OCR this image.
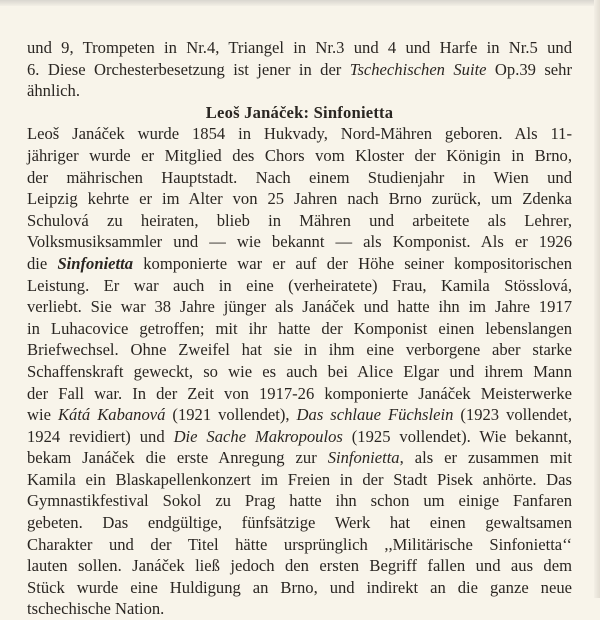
und 9, Trompeten in Nr.4, Triangel in Nr.3 und 4 und Harfe in Nr.5 und
6. Diese Orchesterbesetzung ist jener in der Tschechischen Suite Op.39 sehr
ähnlich.
Leoš Janáček: Sinfonietta
Leoš Janáček wurde 1854 in Hukvady, Nord-Mähren geboren. Als 11-
jähriger wurde er Mitglied des Chors vom Kloster der Königin in Brno,
der mährischen Hauptstadt. Nach einem Studienjahr in Wien und
Leipzig kehrte er im Alter von 25 Jahren nach Brno zurück, um Zdenka
Schulová zu heiraten, blieb in Mähren und arbeitete als Lehrer,
Volksmusiksammler und — wie bekannt — als Komponist. Als er 1926
die Sinfonietta komponierte war er auf der Höhe seiner kompositorischen
Leistung. Er war auch in eine (verheiratete) Frau, Kamila Stösslová,
verliebt. Sie war 38 Jahre jünger als Janáček und hatte ihn im Jahre 1917
in Luhacovice getroffen; mit ihr hatte der Komponist einen lebenslangen
Briefwechsel. Ohne Zweifel hat sie in ihm eine verborgene aber starke
Schaffenskraft geweckt, so wie es auch bei Alice Elgar und ihrem Mann
der Fall war. In der Zeit von 1917-26 komponierte Janáček Meisterwerke
wie Kátá Kabanová (1921 vollendet), Das schlaue Füchslein (1923 vollendet,
1924 revidiert) und Die Sache Makropoulos (1925 vollendet). Wie bekannt,
bekam Janáček die erste Anregung zur Sinfonietta, als er zusammen mit
Kamila ein Blaskapellenkonzert im Freien in der Stadt Pisek anhörte. Das
Gymnastikfestival Sokol zu Prag hatte ihn schon um einige Fanfaren
gebeten. Das endgültige, fünfsätzige Werk hat einen gewaltsamen
Charakter und der Titel hätte ursprünglich ,,Militärische Sinfonietta‘‘
lauten sollen. Janáček ließ jedoch den ersten Begriff fallen und aus dem
Stück wurde eine Huldigung an Brno, und indirekt an die ganze neue
tschechische Nation.
